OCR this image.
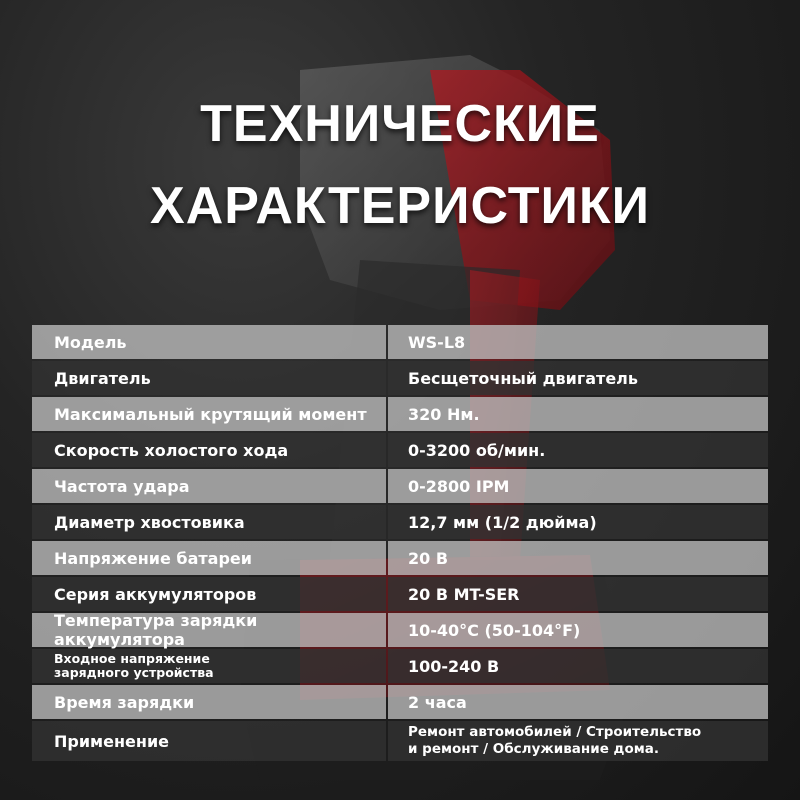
ТЕХНИЧЕСКИЕ
ХАРАКТЕРИСТИКИ
Модель	WS-L8
Двигатель	Бесщеточный двигатель
Максимальный крутящий момент	320 Нм.
Скорость холостого хода	0-3200 об/мин.
Частота удара	0-2800 IPM
Диаметр хвостовика	12,7 мм (1/2 дюйма)
Напряжение батареи	20 В
Серия аккумуляторов	20 В MT-SER
Температура зарядки аккумулятора	10-40°C (50-104°F)
Входное напряжение
зарядного устройства	100-240 В
Время зарядки	2 часа
Применение	Ремонт автомобилей / Строительство
и ремонт / Обслуживание дома.
